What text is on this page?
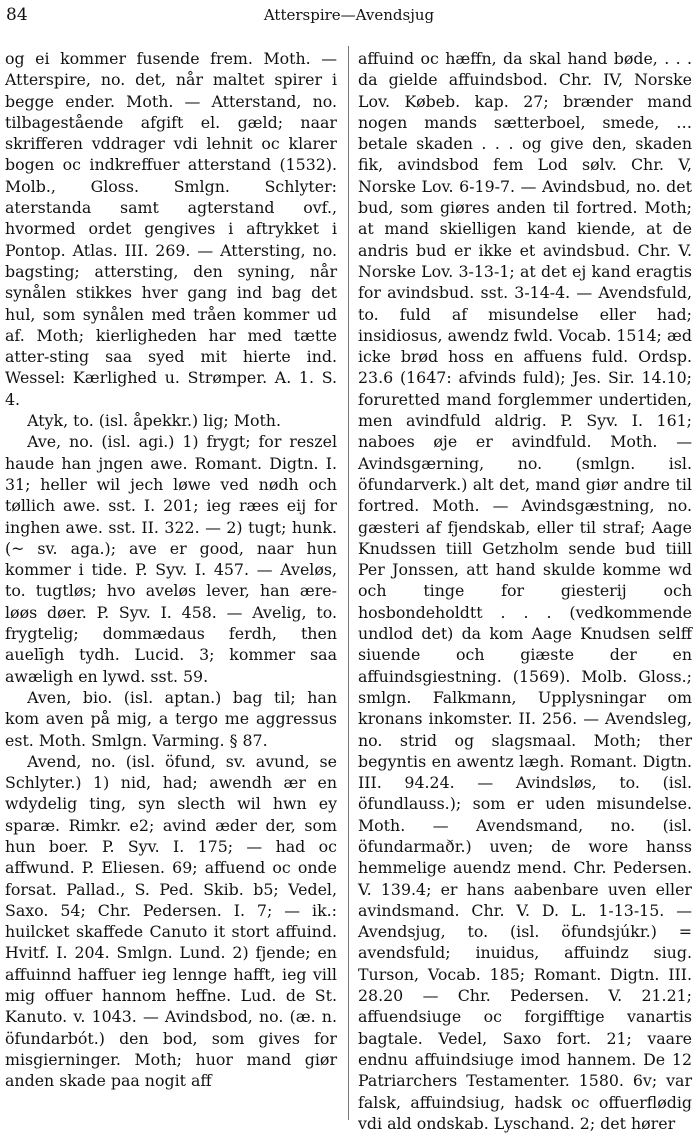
84	Atterspire—Avendsjug

og ei kommer fusende frem. Moth. — Atterspire, no. det, når maltet spirer i begge ender. Moth. — Atterstand, no. tilbagestående afgift el. gæld; naar skrifferen vddrager vdi lehnit oc klarer bogen oc indkreffuer atterstand (1532). Molb., Gloss. Smlgn. Schlyter: aterstanda samt agterstand ovf., hvormed ordet gengives i aftrykket i Pontop. Atlas. III. 269. — Attersting, no. bagsting; attersting, den syning, når synålen stikkes hver gang ind bag det hul, som synålen med tråen kommer ud af. Moth; kierligheden har med tætte atter-sting saa syed mit hierte ind. Wessel: Kærlighed u. Strømper. A. 1. S. 4.

Atyk, to. (isl. åpekkr.) lig; Moth.

Ave, no. (isl. agi.) 1) frygt; for reszel haude han jngen awe. Romant. Digtn. I. 31; heller wil jech løwe ved nødh och tøllich awe. sst. I. 201; ieg ræes eij for inghen awe. sst. II. 322. — 2) tugt; hunk. (~ sv. aga.); ave er good, naar hun kommer i tide. P. Syv. I. 457. — Aveløs, to. tugtløs; hvo aveløs lever, han ære-løøs døer. P. Syv. I. 458. — Avelig, to. frygtelig; dommædaus ferdh, then auelīgh tydh. Lucid. 3; kommer saa awæligh en lywd. sst. 59.

Aven, bio. (isl. aptan.) bag til; han kom aven på mig, a tergo me aggressus est. Moth. Smlgn. Varming. § 87.

Avend, no. (isl. öfund, sv. avund, se Schlyter.) 1) nid, had; awendh ær en wdydelig ting, syn slecth wil hwn ey sparæ. Rimkr. e2; avind æder der, som hun boer. P. Syv. I. 175; — had oc affwund. P. Eliesen. 69; affuend oc onde forsat. Pallad., S. Ped. Skib. b5; Vedel, Saxo. 54; Chr. Pedersen. I. 7; — ik.: huilcket skaffede Canuto it stort affuind. Hvitf. I. 204. Smlgn. Lund. 2) fjende; en affuinnd haffuer ieg lennge hafft, ieg vill mig offuer hannom heffne. Lud. de St. Kanuto. v. 1043. — Avindsbod, no. (æ. n. öfundarbót.) den bod, som gives for misgierninger. Moth; huor mand giør anden skade paa nogit aff

affuind oc hæffn, da skal hand bøde, . . . da gielde affuindsbod. Chr. IV, Norske Lov. Købeb. kap. 27; brænder mand nogen mands sætterboel, smede, … betale skaden . . . og give den, skaden fik, avindsbod fem Lod sølv. Chr. V, Norske Lov. 6-19-7. — Avindsbud, no. det bud, som giøres anden til fortred. Moth; at mand skielligen kand kiende, at de andris bud er ikke et avindsbud. Chr. V. Norske Lov. 3-13-1; at det ej kand eragtis for avindsbud. sst. 3-14-4. — Avendsfuld, to. fuld af misundelse eller had; insidiosus, awendz fwld. Vocab. 1514; æd icke brød hoss en affuens fuld. Ordsp. 23.6 (1647: afvinds fuld); Jes. Sir. 14.10; foruretted mand forglemmer undertiden, men avindfuld aldrig. P. Syv. I. 161; naboes øje er avindfuld. Moth. —Avindsgærning, no. (smlgn. isl. öfundarverk.) alt det, mand giør andre til fortred. Moth. — Avindsgæstning, no. gæsteri af fjendskab, eller til straf; Aage Knudssen tiill Getzholm sende bud tiill Per Jonssen, att hand skulde komme wd och tinge for giesterij och hosbondeholdtt . . . (vedkommende undlod det) da kom Aage Knudsen selff siuende och giæste der en affuindsgiestning. (1569). Molb. Gloss.; smlgn. Falkmann, Upplysningar om kronans inkomster. II. 256. — Avendsleg, no. strid og slagsmaal. Moth; ther begyntis en awentz lægh. Romant. Digtn. III. 94.24. — Avindsløs, to. (isl. öfundlauss.); som er uden misundelse. Moth. — Avendsmand, no. (isl. öfundarmaðr.) uven; de wore hanss hemmelige auendz mend. Chr. Pedersen. V. 139.4; er hans aabenbare uven eller avindsmand. Chr. V. D. L. 1-13-15. — Avendsjug, to. (isl. öfundsjúkr.) = avendsfuld; inuidus, affuindz siug. Turson, Vocab. 185; Romant. Digtn. III. 28.20 — Chr. Pedersen. V. 21.21; affuendsiuge oc forgifftige vanartis bagtale. Vedel, Saxo fort. 21; vaare endnu affuindsiuge imod hannem. De 12 Patriarchers Testamenter. 1580. 6v; var falsk, affuindsiug, hadsk oc offuerflødig vdi ald ondskab. Lyschand. 2; det hører
